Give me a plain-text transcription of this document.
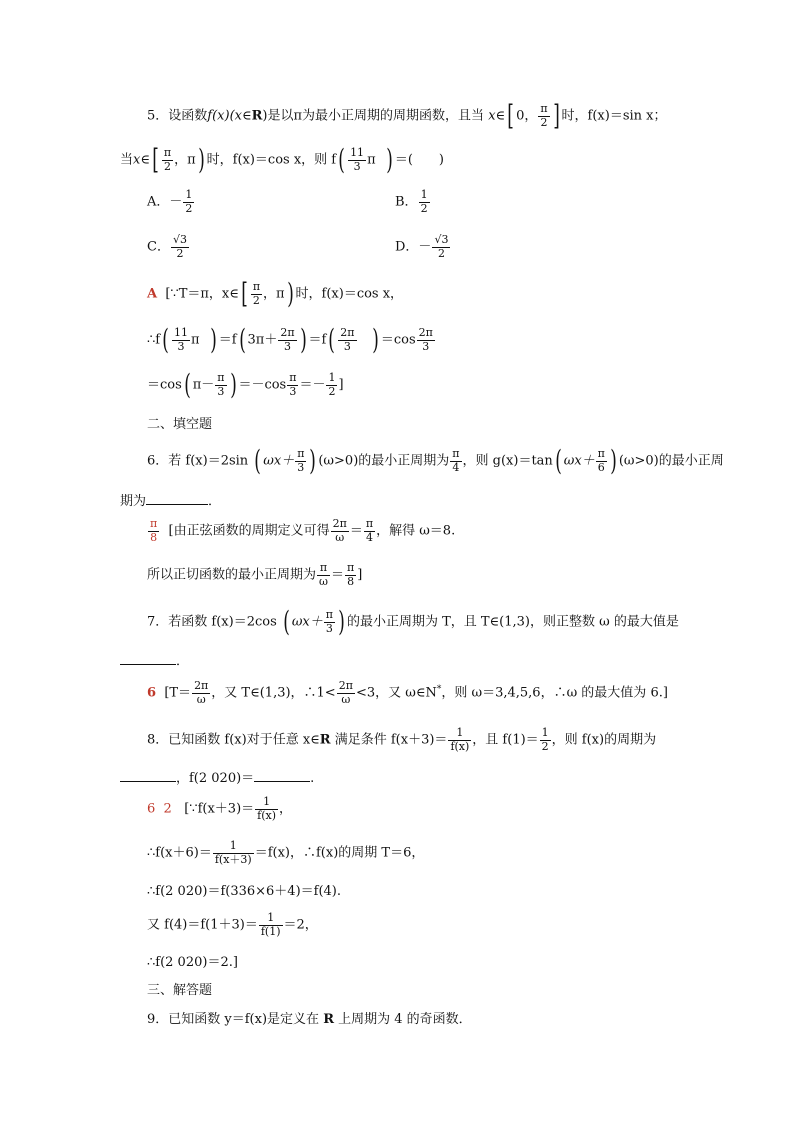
5．设函数f(x)(x∈R)是以π为最小正周期的周期函数，且当 x∈[ 0， $\frac{\pi}{2}$ ] 时，f(x)＝sin x；
当x∈[ $\frac{\pi}{2}$ ，π) 时，f(x)＝cos x，则 $f( \frac{11}{3}$ π ) ＝(　　)
A．－ $\frac{1}{2}$	B． $\frac{1}{2}$
C． $\frac{√3}{2}$	D．－ $\frac{√3}{2}$
A [∵T＝π，x∈[ $\frac{\pi}{2}$ ，π) 时，f(x)＝cos x，
∴f( $\frac{11}{3}$ π ) ＝f( $3\pi+ \frac{2\pi}{3}$ ) $=f( \frac{2\pi}{3}$ ) $=\cos \frac{2\pi}{3}$
＝cos( $\pi- \frac{\pi}{3}$ ) $=-\cos \frac{\pi}{3} =- \frac{1}{2}$ ]
二、填空题
6．若 f(x)＝2sin ( $\omega x+ \frac{\pi}{3}$ ) (ω>0)的最小正周期为 $\frac{\pi}{4}$ ，则 g(x)＝tan( $\omega x+ \frac{\pi}{6}$ ) (ω>0)的最小正周
期为	．
$\frac{\pi}{8}$ [由正弦函数的周期定义可得 $\frac{2\pi}{\omega} = \frac{\pi}{4}$ ，解得 ω＝8.
所以正切函数的最小正周期为 $\frac{\pi}{\omega} = \frac{\pi}{8}$ ]
7．若函数 f(x)＝2cos ( $\omega x+ \frac{\pi}{3}$ ) 的最小正周期为 T，且 T∈(1,3)，则正整数 ω 的最大值是
．
6 [$T= \frac{2\pi}{\omega}$ ，又 T∈(1,3)，∴1< $\frac{2\pi}{\omega} <3$，又 ω∈N*，则 ω＝3,4,5,6，∴ω 的最大值为 6.]
8．已知函数 f(x)对于任意 x∈R 满足条件 $f(x+3)= \frac{1}{f(x)}$ ，且 $f(1)= \frac{1}{2}$ ，则 f(x)的周期为
，f(2 020)＝	.
6 2 [∵f(x＋3)＝ $\frac{1}{f(x)}$ ，
∴f(x＋6)＝ $\frac{1}{f(x+3)} =f(x)$，∴f(x)的周期 T＝6，
∴f(2 020)＝f(336×6＋4)＝f(4).
又 $f(4)=f(1+3)= \frac{1}{f(1)} =2$，
∴f(2 020)＝2.]
三、解答题
9．已知函数 y＝f(x)是定义在 R 上周期为 4 的奇函数．
